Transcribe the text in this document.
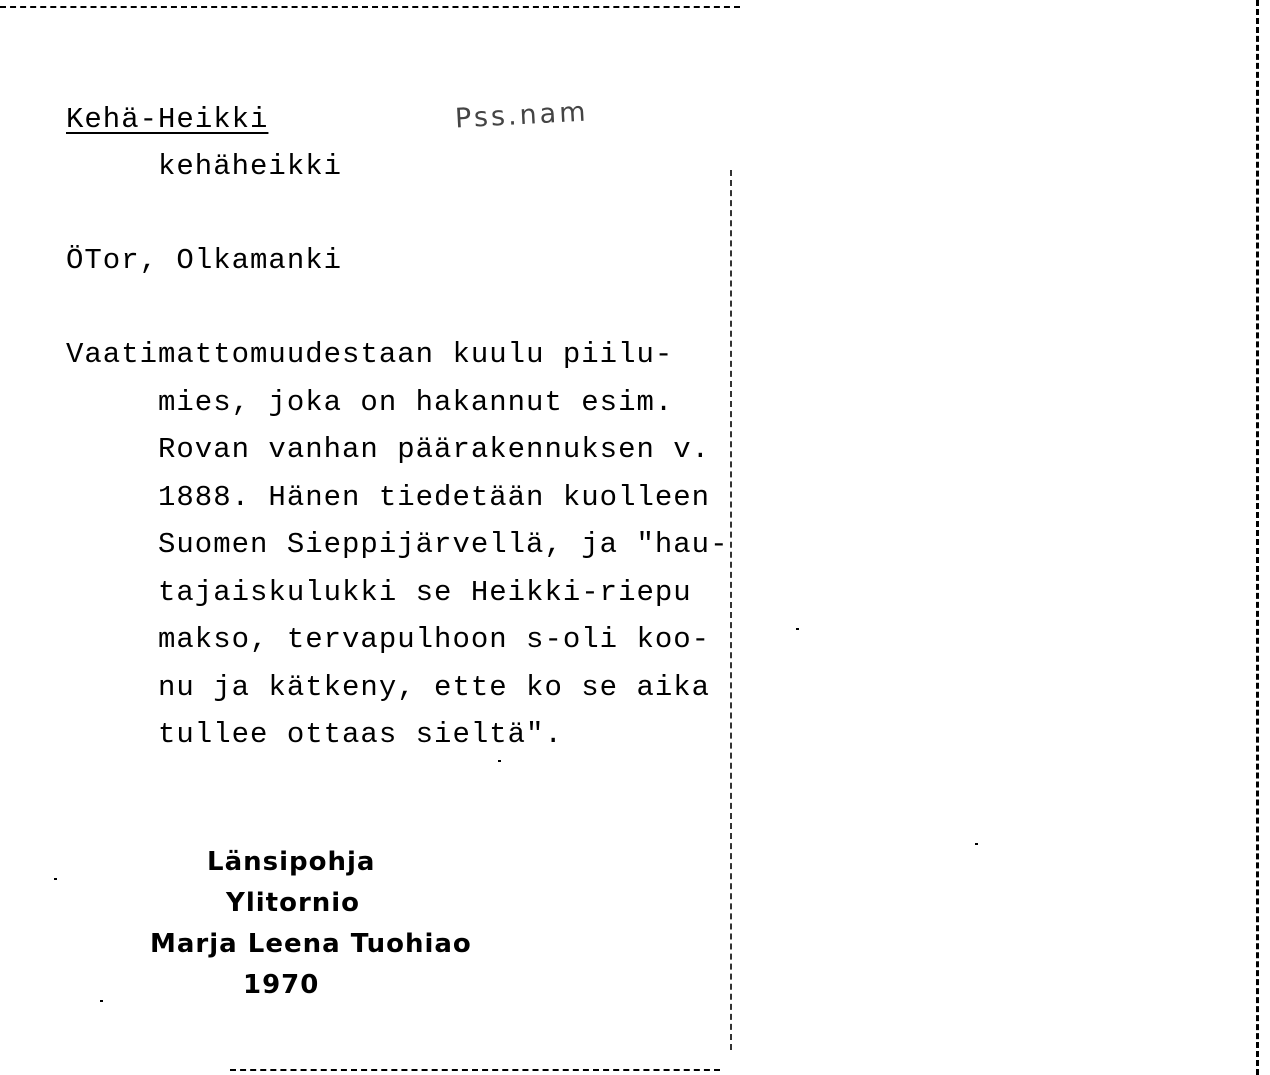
Kehä-Heikki	Pss.nam
kehäheikki
ÖTor, Olkamanki
Vaatimattomuudestaan kuulu piilu-
mies, joka on hakannut esim.
Rovan vanhan päärakennuksen v.
1888. Hänen tiedetään kuolleen
Suomen Sieppijärvellä, ja "hau-
tajaiskulukki se Heikki-riepu
makso, tervapulhoon s-oli koo-
nu ja kätkeny, ette ko se aika
tullee ottaas sieltä".
Länsipohja
Ylitornio
Marja Leena Tuohiao
1970
